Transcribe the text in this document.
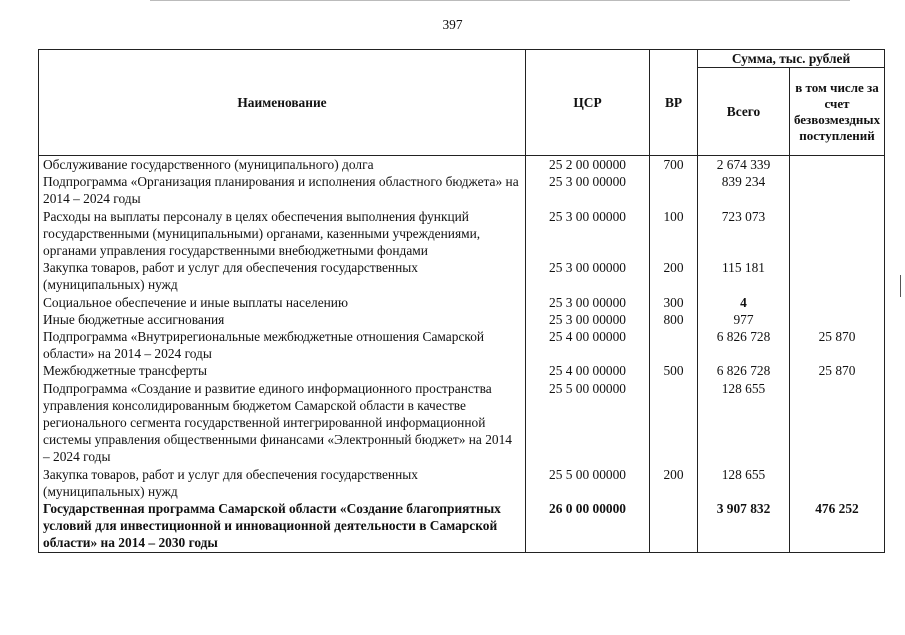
397
Наименование	ЦСР	ВР	Сумма, тыс. рублей	
			Всего	в том числе за счет безвозмездных поступлений
Обслуживание государственного (муниципального) долга	25 2 00 00000	700	2 674 339	
Подпрограмма «Организация планирования и исполнения областного бюджета» на 2014 – 2024 годы	25 3 00 00000		839 234	
Расходы на выплаты персоналу в целях обеспечения выполнения функций государственными (муниципальными) органами, казенными учреждениями, органами управления государственными внебюджетными фондами	25 3 00 00000	100	723 073	
Закупка товаров, работ и услуг для обеспечения государственных (муниципальных) нужд	25 3 00 00000	200	115 181	
Социальное обеспечение и иные выплаты населению	25 3 00 00000	300	4	
Иные бюджетные ассигнования	25 3 00 00000	800	977	
Подпрограмма «Внутрирегиональные межбюджетные отношения Самарской области» на 2014 – 2024 годы	25 4 00 00000		6 826 728	25 870
Межбюджетные трансферты	25 4 00 00000	500	6 826 728	25 870
Подпрограмма «Создание и развитие единого информационного пространства управления консолидированным бюджетом Самарской области в качестве регионального сегмента государственной интегрированной информационной системы управления общественными финансами «Электронный бюджет» на 2014 – 2024 годы	25 5 00 00000		128 655	
Закупка товаров, работ и услуг для обеспечения государственных (муниципальных) нужд	25 5 00 00000	200	128 655	
Государственная программа Самарской области «Создание благоприятных условий для инвестиционной и инновационной деятельности в Самарской области» на 2014 – 2030 годы	26 0 00 00000		3 907 832	476 252
